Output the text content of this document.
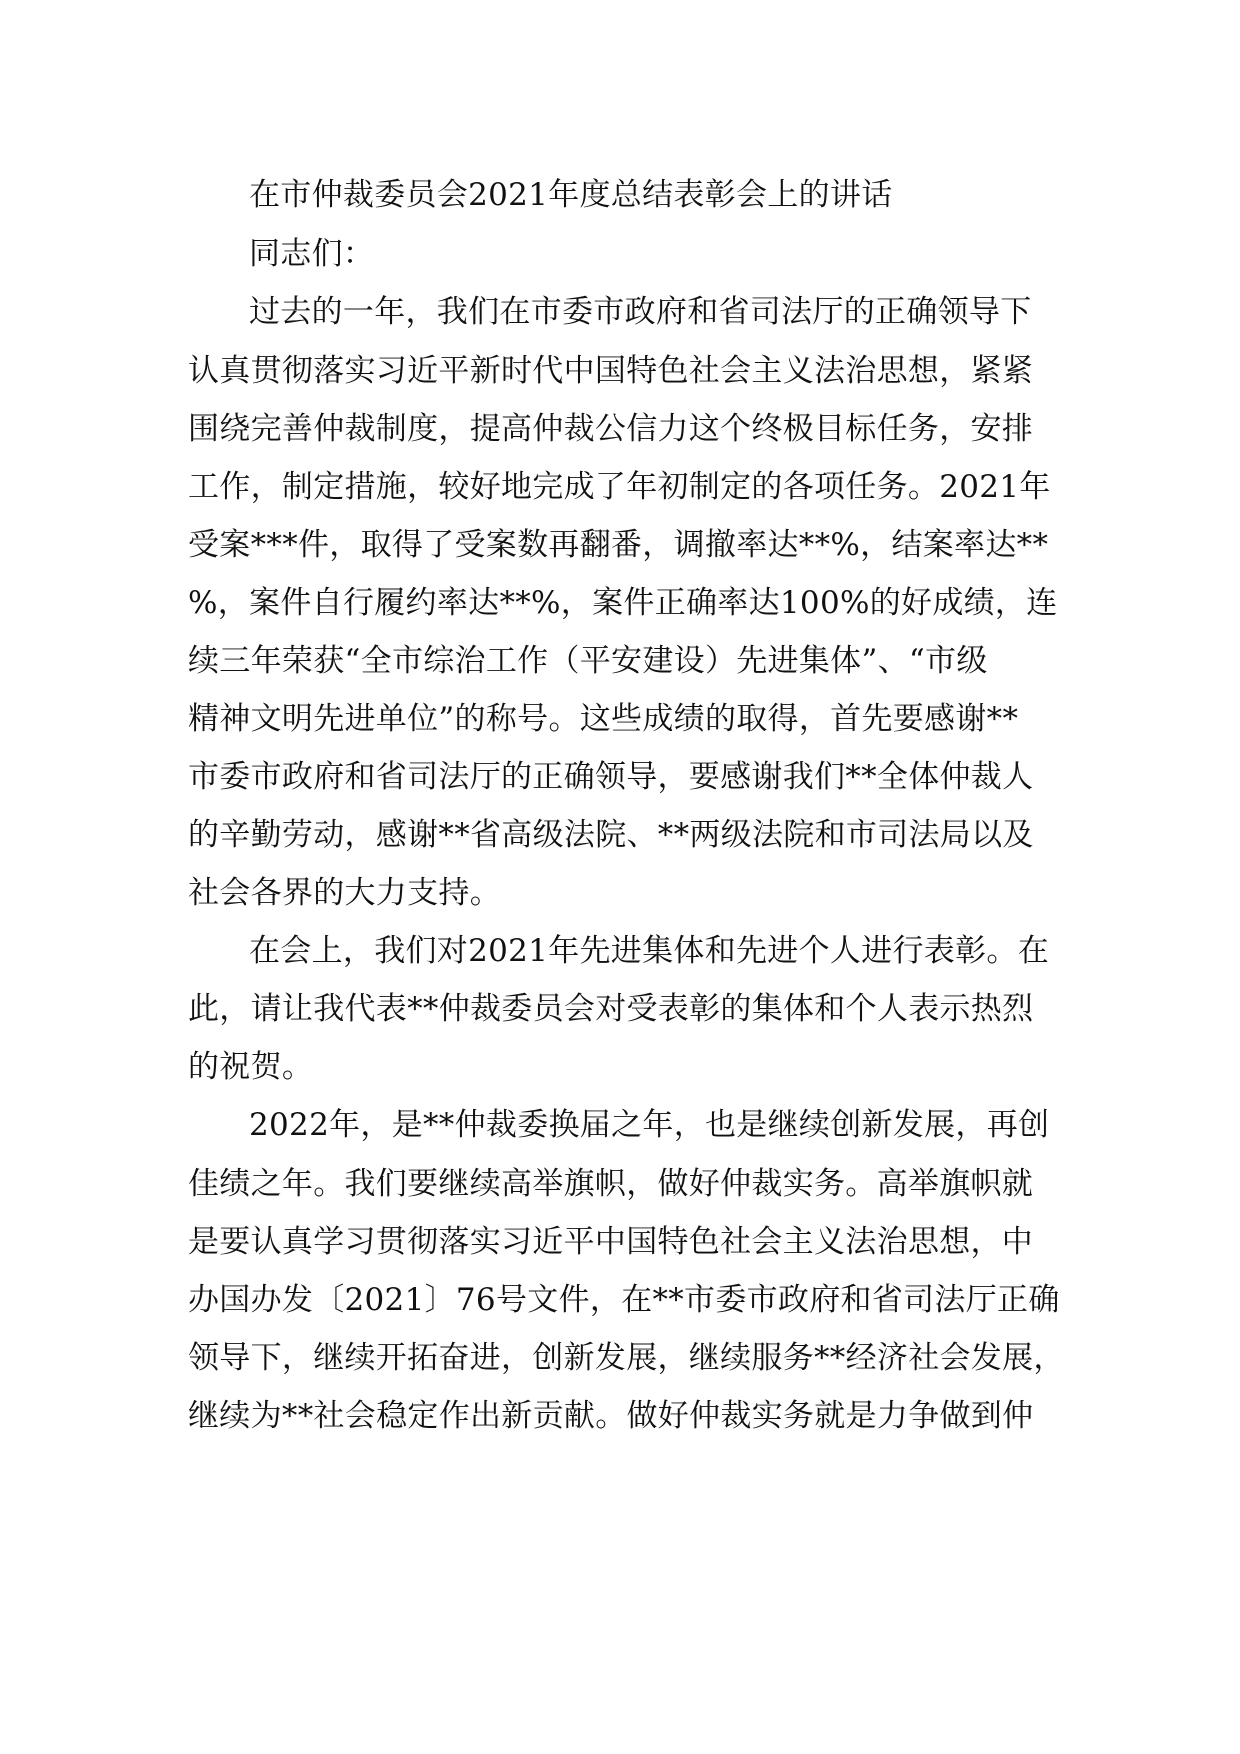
在市仲裁委员会2021年度总结表彰会上的讲话
同志们：
过去的一年，我们在市委市政府和省司法厅的正确领导下
认真贯彻落实习近平新时代中国特色社会主义法治思想，紧紧
围绕完善仲裁制度，提高仲裁公信力这个终极目标任务，安排
工作，制定措施，较好地完成了年初制定的各项任务。2021年
受案***件，取得了受案数再翻番，调撤率达**%，结案率达**
%，案件自行履约率达**%，案件正确率达100%的好成绩，连
续三年荣获“全市综治工作（平安建设）先进集体”、“市级
精神文明先进单位”的称号。这些成绩的取得，首先要感谢**
市委市政府和省司法厅的正确领导，要感谢我们**全体仲裁人
的辛勤劳动，感谢**省高级法院、**两级法院和市司法局以及
社会各界的大力支持。
在会上，我们对2021年先进集体和先进个人进行表彰。在
此，请让我代表**仲裁委员会对受表彰的集体和个人表示热烈
的祝贺。
2022年，是**仲裁委换届之年，也是继续创新发展，再创
佳绩之年。我们要继续高举旗帜，做好仲裁实务。高举旗帜就
是要认真学习贯彻落实习近平中国特色社会主义法治思想，中
办国办发〔2021〕76号文件，在**市委市政府和省司法厅正确
领导下，继续开拓奋进，创新发展，继续服务**经济社会发展，
继续为**社会稳定作出新贡献。做好仲裁实务就是力争做到仲
